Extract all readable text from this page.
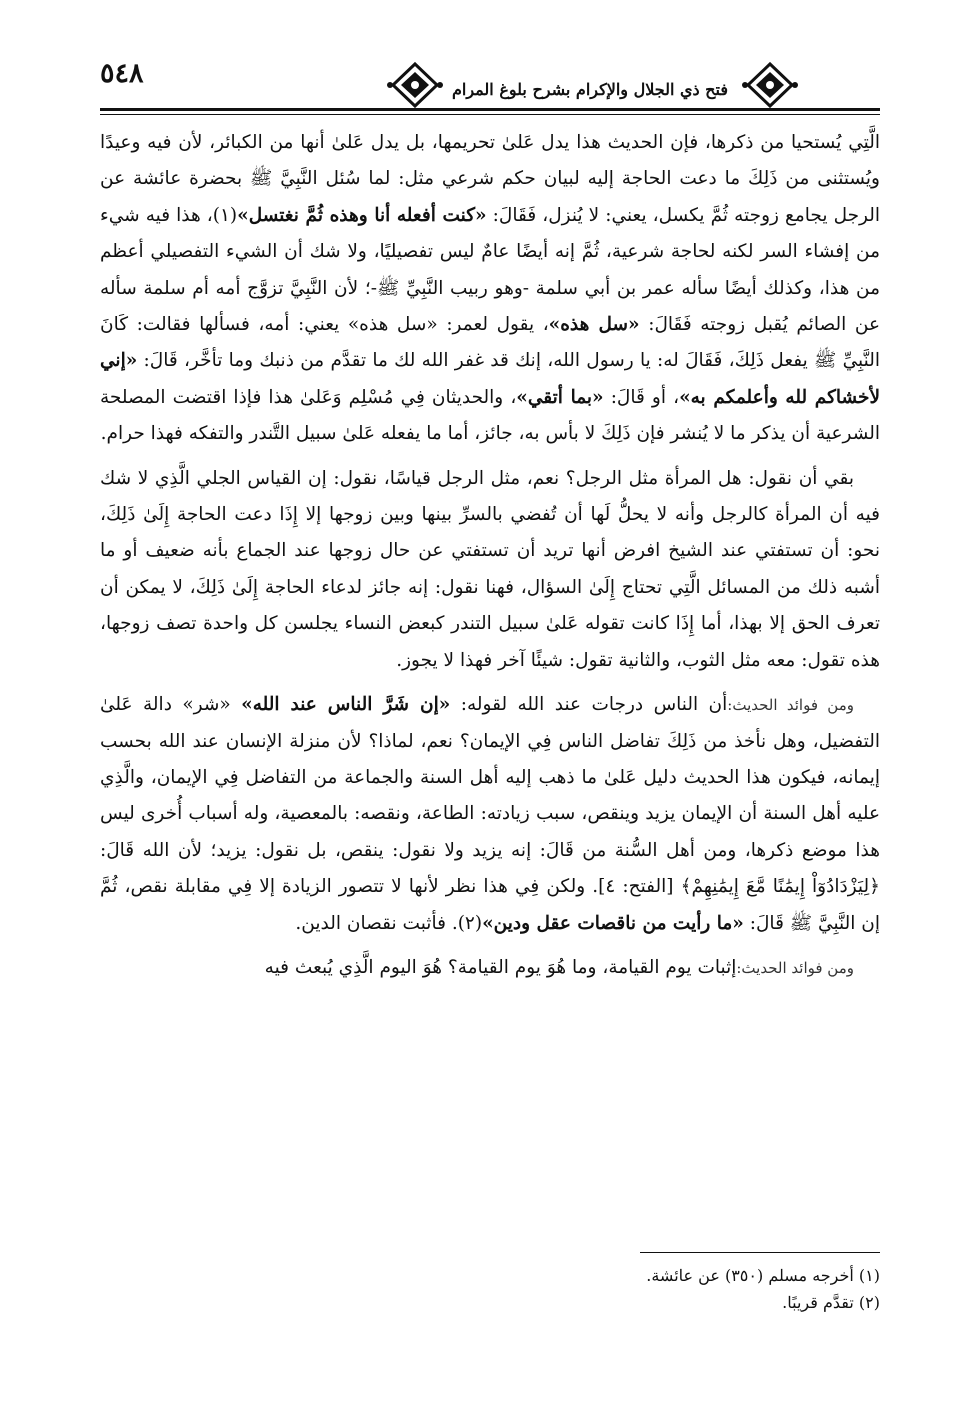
٥٤٨
فتح ذي الجلال والإكرام بشرح بلوغ المرام

الَّتِي يُستحيا من ذكرها، فإن الحديث هذا يدل عَلىٰ تحريمها، بل يدل عَلىٰ أنها من الكبائر، لأن فيه وعيدًا ويُستثنى من ذَلِكَ ما دعت الحاجة إليه لبيان حكم شرعي مثل: لما سُئل النَّبِيَّ ﷺ بحضرة عائشة عن الرجل يجامع زوجته ثُمَّ يكسل، يعني: لا يُنزل، فَقَالَ: «كنت أفعله أنا وهذه ثُمَّ نغتسل»(١)، هذا فيه شيء من إفشاء السر لكنه لحاجة شرعية، ثُمَّ إنه أيضًا عامٌ ليس تفصيليًا، ولا شك أن الشيء التفصيلي أعظم من هذا، وكذلك أيضًا سأله عمر بن أبي سلمة -وهو ربيب النَّبِيِّ ﷺ-؛ لأن النَّبِيَّ تزوَّج أمه أم سلمة سأله عن الصائم يُقبل زوجته فَقَالَ: «سل هذه»، يقول لعمر: «سل هذه» يعني: أمه، فسألها فقالت: كَانَ النَّبِيِّ ﷺ يفعل ذَلِكَ، فَقَالَ له: يا رسول الله، إنك قد غفر الله لك ما تقدَّم من ذنبك وما تأخَّر، قَالَ: «إني لأخشاكم لله وأعلمكم به»، أو قَالَ: «بما أتقي»، والحديثان فِي مُسْلِم وَعَلىٰ هذا فإذا اقتضت المصلحة الشرعية أن يذكر ما لا يُنشر فإن ذَلِكَ لا بأس به، جائز، أما ما يفعله عَلىٰ سبيل التَّندر والتفكه فهذا حرام.

بقي أن نقول: هل المرأة مثل الرجل؟ نعم، مثل الرجل قياسًا، نقول: إن القياس الجلي الَّذِي لا شك فيه أن المرأة كالرجل وأنه لا يحلُّ لَها أن تُفضي بالسرِّ بينها وبين زوجها إلا إِذَا دعت الحاجة إِلَىٰ ذَلِكَ، نحو: أن تستفتي عند الشيخ افرض أنها تريد أن تستفتي عن حال زوجها عند الجماع بأنه ضعيف أو ما أشبه ذلك من المسائل الَّتِي تحتاج إِلَىٰ السؤال، فهنا نقول: إنه جائز لدعاء الحاجة إِلَىٰ ذَلِكَ، لا يمكن أن تعرف الحق إلا بهذا، أما إِذَا كانت تقوله عَلىٰ سبيل التندر كبعض النساء يجلسن كل واحدة تصف زوجها، هذه تقول: معه مثل الثوب، والثانية تقول: شيئًا آخر فهذا لا يجوز.

ومن فوائد الحديث:أن الناس درجات عند الله لقوله: «إن شَرَّ الناس عند الله» «شر» دالة عَلىٰ التفضيل، وهل نأخذ من ذَلِكَ تفاضل الناس فِي الإيمان؟ نعم، لماذا؟ لأن منزلة الإنسان عند الله بحسب إيمانه، فيكون هذا الحديث دليل عَلىٰ ما ذهب إليه أهل السنة والجماعة من التفاضل فِي الإيمان، والَّذِي عليه أهل السنة أن الإيمان يزيد وينقص، سبب زيادته: الطاعة، ونقصه: بالمعصية، وله أسباب أُخرى ليس هذا موضع ذكرها، ومن أهل السُّنة من قَالَ: إنه يزيد ولا نقول: ينقص، بل نقول: يزيد؛ لأن الله قَالَ: ﴿لِيَزْدَادُوٓاْ إِيمَٰنًا مَّعَ إِيمَٰنِهِمْ﴾ [الفتح: ٤]. ولكن فِي هذا نظر لأنها لا تتصور الزيادة إلا فِي مقابلة نقص، ثُمَّ إن النَّبِيَّ ﷺ قَالَ: «ما رأيت من ناقصات عقل ودين»(٢). فأثبت نقصان الدين.

ومن فوائد الحديث:إثبات يوم القيامة، وما هُوَ يوم القيامة؟ هُوَ اليوم الَّذِي يُبعث فيه

(١) أخرجه مسلم (٣٥٠) عن عائشة.
(٢) تقدَّم قريبًا.
